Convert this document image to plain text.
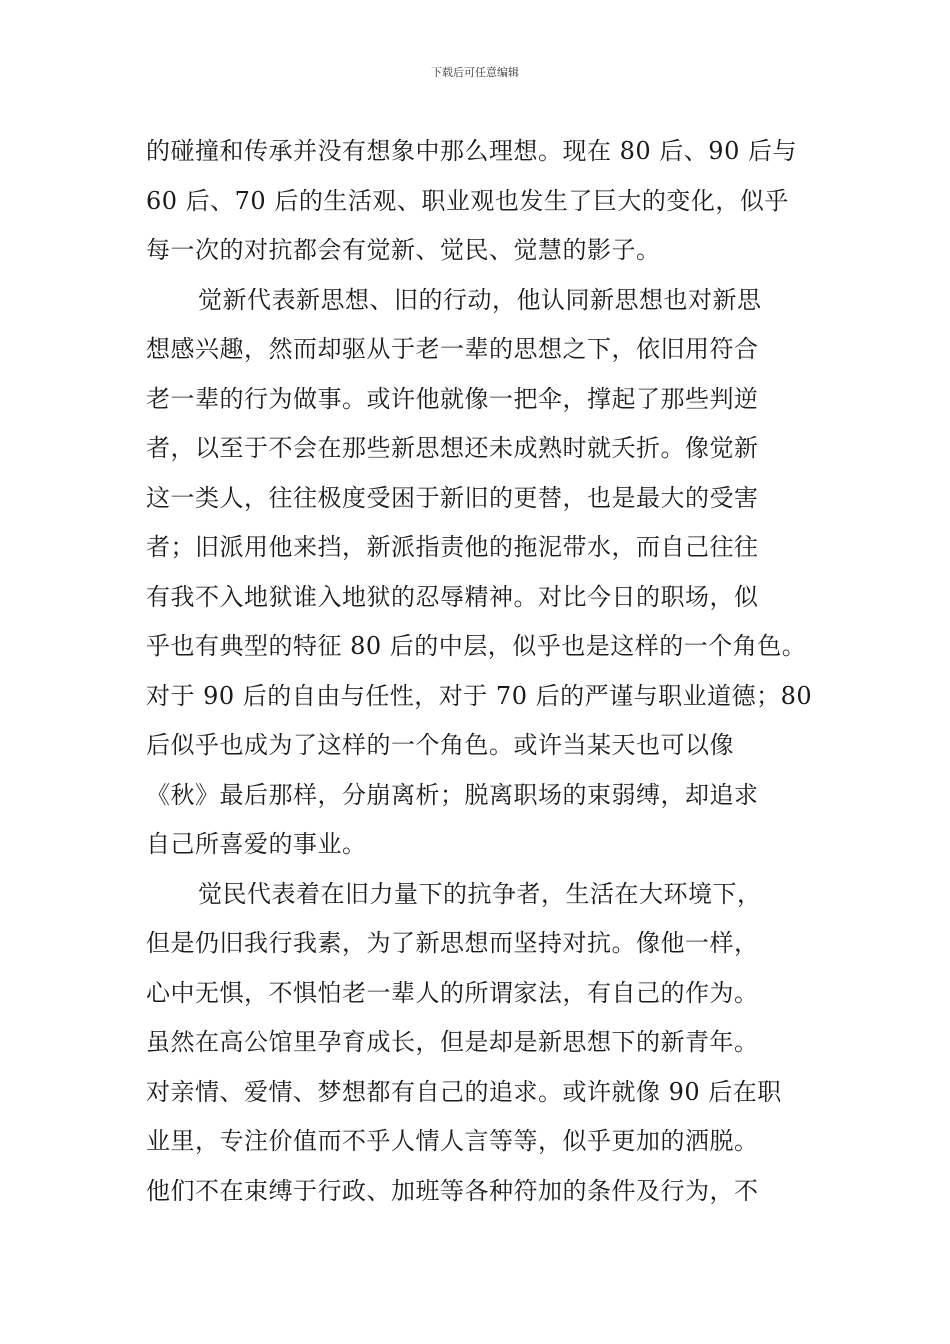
下载后可任意编辑
的碰撞和传承并没有想象中那么理想。现在 80 后、90 后与
60 后、70 后的生活观、职业观也发生了巨大的变化，似乎
每一次的对抗都会有觉新、觉民、觉慧的影子。
觉新代表新思想、旧的行动，他认同新思想也对新思
想感兴趣，然而却驱从于老一辈的思想之下，依旧用符合
老一辈的行为做事。或许他就像一把伞，撑起了那些判逆
者，以至于不会在那些新思想还未成熟时就夭折。像觉新
这一类人，往往极度受困于新旧的更替，也是最大的受害
者；旧派用他来挡，新派指责他的拖泥带水，而自己往往
有我不入地狱谁入地狱的忍辱精神。对比今日的职场，似
乎也有典型的特征 80 后的中层，似乎也是这样的一个角色。
对于 90 后的自由与任性，对于 70 后的严谨与职业道德；80
后似乎也成为了这样的一个角色。或许当某天也可以像
《秋》最后那样，分崩离析；脱离职场的束弱缚，却追求
自己所喜爱的事业。
觉民代表着在旧力量下的抗争者，生活在大环境下，
但是仍旧我行我素，为了新思想而坚持对抗。像他一样，
心中无惧，不惧怕老一辈人的所谓家法，有自己的作为。
虽然在高公馆里孕育成长，但是却是新思想下的新青年。
对亲情、爱情、梦想都有自己的追求。或许就像 90 后在职
业里，专注价值而不乎人情人言等等，似乎更加的洒脱。
他们不在束缚于行政、加班等各种符加的条件及行为，不
